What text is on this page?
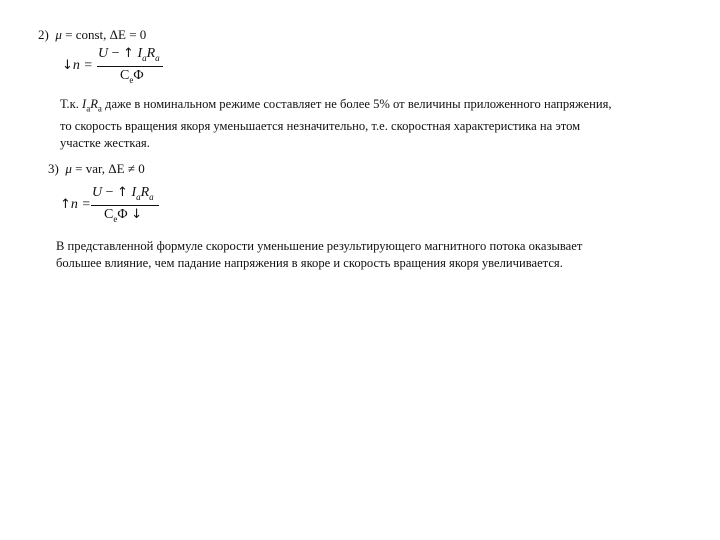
2) μ = const, ΔE = 0
↓n =
U − ↑ $I_aR_a$
$C_e\Phi$
Т.к. $I_aR_a$ даже в номинальном режиме составляет не более 5% от величины приложенного напряжения,
то скорость вращения якоря уменьшается незначительно, т.е. скоростная характеристика на этом
участке жесткая.
3) μ = var, ΔE ≠ 0
↑n =
U − ↑ $I_aR_a$
$C_e\Phi$ ↓
В представленной формуле скорости уменьшение результирующего магнитного потока оказывает
большее влияние, чем падание напряжения в якоре и скорость вращения якоря увеличивается.
